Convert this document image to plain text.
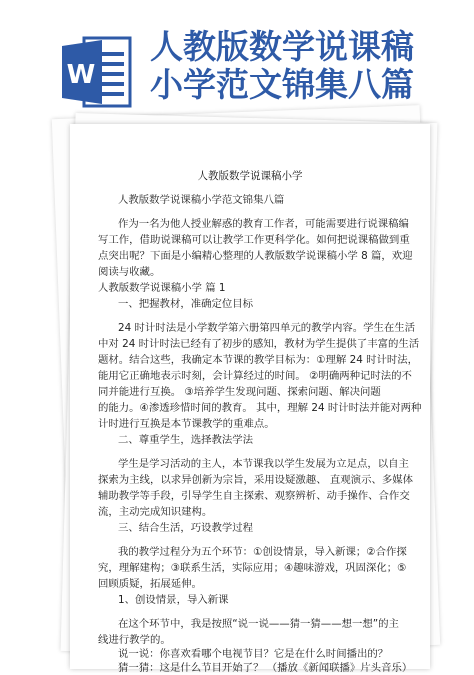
W
人教版数学说课稿
小学范文锦集八篇
人教版数学说课稿小学
人教版数学说课稿小学范文锦集八篇
作为一名为他人授业解惑的教育工作者，可能需要进行说课稿编
写工作，借助说课稿可以让教学工作更科学化。如何把说课稿做到重
点突出呢？下面是小编精心整理的人教版数学说课稿小学 8 篇，欢迎
阅读与收藏。
人教版数学说课稿小学 篇 1
一、把握教材，准确定位目标
24 时计时法是小学数学第六册第四单元的教学内容。学生在生活
中对 24 时计时法已经有了初步的感知，教材为学生提供了丰富的生活
题材。结合这些，我确定本节课的教学目标为：①理解 24 时计时法，
能用它正确地表示时刻，会计算经过的时间。 ②明确两种记时法的不
同并能进行互换。 ③培养学生发现问题、探索问题、解决问题
的能力。④渗透珍惜时间的教育。 其中，理解 24 时计时法并能对两种
计时进行互换是本节课教学的重难点。
二、尊重学生，选择教法学法
学生是学习活动的主人，本节课我以学生发展为立足点，以自主
探索为主线，以求异创新为宗旨，采用设疑激趣、 直观演示、多媒体
辅助教学等手段，引导学生自主探索、观察辨析、动手操作、合作交
流，主动完成知识建构。
三、结合生活，巧设教学过程
我的教学过程分为五个环节：①创设情景，导入新课；②合作探
究，理解建构；③联系生活，实际应用；④趣味游戏，巩固深化；⑤
回顾质疑，拓展延伸。
1、创设情景，导入新课
在这个环节中，我是按照“说一说——猜一猜——想一想”的主
线进行教学的。
说一说：你喜欢看哪个电视节目？它是在什么时间播出的？
猜一猜：这是什么节目开始了？ （播放《新闻联播》片头音乐）
